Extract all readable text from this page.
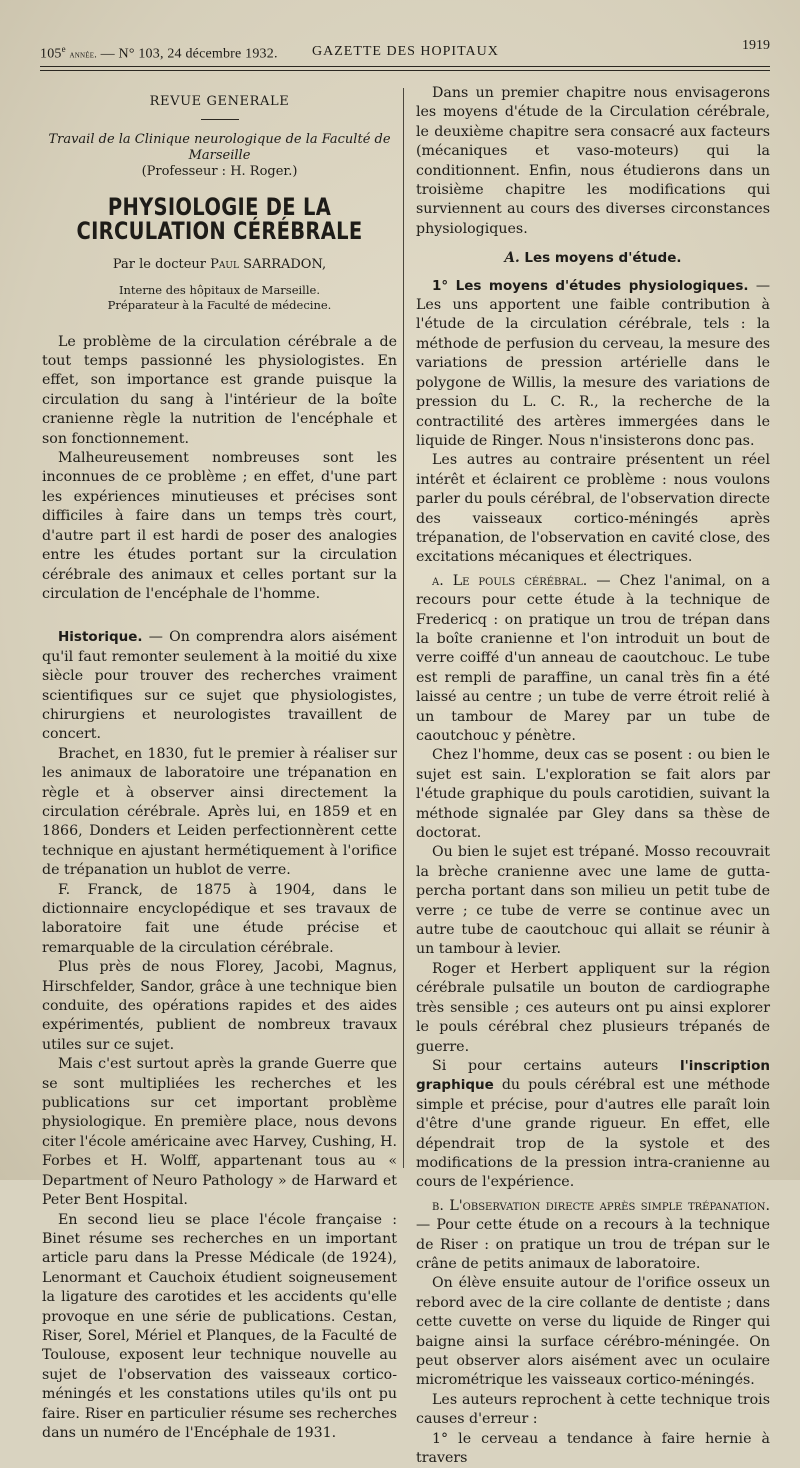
105e année. — N° 103, 24 décembre 1932. GAZETTE DES HOPITAUX	1919
REVUE GENERALE
Travail de la Clinique neurologique de la Faculté de Marseille
(Professeur : H. Roger.)
PHYSIOLOGIE DE LA CIRCULATION CÉRÉBRALE
Par le docteur Paul SARRADON,
Interne des hôpitaux de Marseille.
Préparateur à la Faculté de médecine.

Le problème de la circulation cérébrale a de tout temps passionné les physiologistes. En effet, son importance est grande puisque la circulation du sang à l'intérieur de la boîte cranienne règle la nutrition de l'encéphale et son fonctionnement.

Malheureusement nombreuses sont les inconnues de ce problème ; en effet, d'une part les expériences minutieuses et précises sont difficiles à faire dans un temps très court, d'autre part il est hardi de poser des analogies entre les études portant sur la circulation cérébrale des animaux et celles portant sur la circulation de l'encéphale de l'homme.

Historique. — On comprendra alors aisément qu'il faut remonter seulement à la moitié du xixe siècle pour trouver des recherches vraiment scientifiques sur ce sujet que physiologistes, chirurgiens et neurologistes travaillent de concert.

Brachet, en 1830, fut le premier à réaliser sur les animaux de laboratoire une trépanation en règle et à observer ainsi directement la circulation cérébrale. Après lui, en 1859 et en 1866, Donders et Leiden perfectionnèrent cette technique en ajustant hermétiquement à l'orifice de trépanation un hublot de verre.

F. Franck, de 1875 à 1904, dans le dictionnaire encyclopédique et ses travaux de laboratoire fait une étude précise et remarquable de la circulation cérébrale.

Plus près de nous Florey, Jacobi, Magnus, Hirschfelder, Sandor, grâce à une technique bien conduite, des opérations rapides et des aides expérimentés, publient de nombreux travaux utiles sur ce sujet.

Mais c'est surtout après la grande Guerre que se sont multipliées les recherches et les publications sur cet important problème physiologique. En première place, nous devons citer l'école américaine avec Harvey, Cushing, H. Forbes et H. Wolff, appartenant tous au « Department of Neuro Pathology » de Harward et Peter Bent Hospital.

En second lieu se place l'école française : Binet résume ses recherches en un important article paru dans la Presse Médicale (de 1924), Lenormant et Cauchoix étudient soigneusement la ligature des carotides et les accidents qu'elle provoque en une série de publications. Cestan, Riser, Sorel, Mériel et Planques, de la Faculté de Toulouse, exposent leur technique nouvelle au sujet de l'observation des vaisseaux cortico-méningés et les constations utiles qu'ils ont pu faire. Riser en particulier résume ses recherches dans un numéro de l'Encéphale de 1931.

Dans un premier chapitre nous envisagerons les moyens d'étude de la Circulation cérébrale, le deuxième chapitre sera consacré aux facteurs (mécaniques et vaso-moteurs) qui la conditionnent. Enfin, nous étudierons dans un troisième chapitre les modifications qui surviennent au cours des diverses circonstances physiologiques.

A. Les moyens d'étude.

1° Les moyens d'études physiologiques. — Les uns apportent une faible contribution à l'étude de la circulation cérébrale, tels : la méthode de perfusion du cerveau, la mesure des variations de pression artérielle dans le polygone de Willis, la mesure des variations de pression du L. C. R., la recherche de la contractilité des artères immergées dans le liquide de Ringer. Nous n'insisterons donc pas.

Les autres au contraire présentent un réel intérêt et éclairent ce problème : nous voulons parler du pouls cérébral, de l'observation directe des vaisseaux cortico-méningés après trépanation, de l'observation en cavité close, des excitations mécaniques et électriques.

a. Le pouls cérébral. — Chez l'animal, on a recours pour cette étude à la technique de Fredericq : on pratique un trou de trépan dans la boîte cranienne et l'on introduit un bout de verre coiffé d'un anneau de caoutchouc. Le tube est rempli de paraffine, un canal très fin a été laissé au centre ; un tube de verre étroit relié à un tambour de Marey par un tube de caoutchouc y pénètre.

Chez l'homme, deux cas se posent : ou bien le sujet est sain. L'exploration se fait alors par l'étude graphique du pouls carotidien, suivant la méthode signalée par Gley dans sa thèse de doctorat.

Ou bien le sujet est trépané. Mosso recouvrait la brèche cranienne avec une lame de gutta-percha portant dans son milieu un petit tube de verre ; ce tube de verre se continue avec un autre tube de caoutchouc qui allait se réunir à un tambour à levier.

Roger et Herbert appliquent sur la région cérébrale pulsatile un bouton de cardiographe très sensible ; ces auteurs ont pu ainsi explorer le pouls cérébral chez plusieurs trépanés de guerre.

Si pour certains auteurs l'inscription graphique du pouls cérébral est une méthode simple et précise, pour d'autres elle paraît loin d'être d'une grande rigueur. En effet, elle dépendrait trop de la systole et des modifications de la pression intra-cranienne au cours de l'expérience.

b. L'observation directe après simple trépanation. — Pour cette étude on a recours à la technique de Riser : on pratique un trou de trépan sur le crâne de petits animaux de laboratoire.

On élève ensuite autour de l'orifice osseux un rebord avec de la cire collante de dentiste ; dans cette cuvette on verse du liquide de Ringer qui baigne ainsi la surface cérébro-méningée. On peut observer alors aisément avec un oculaire micrométrique les vaisseaux cortico-méningés.

Les auteurs reprochent à cette technique trois causes d'erreur :

1° le cerveau a tendance à faire hernie à travers
